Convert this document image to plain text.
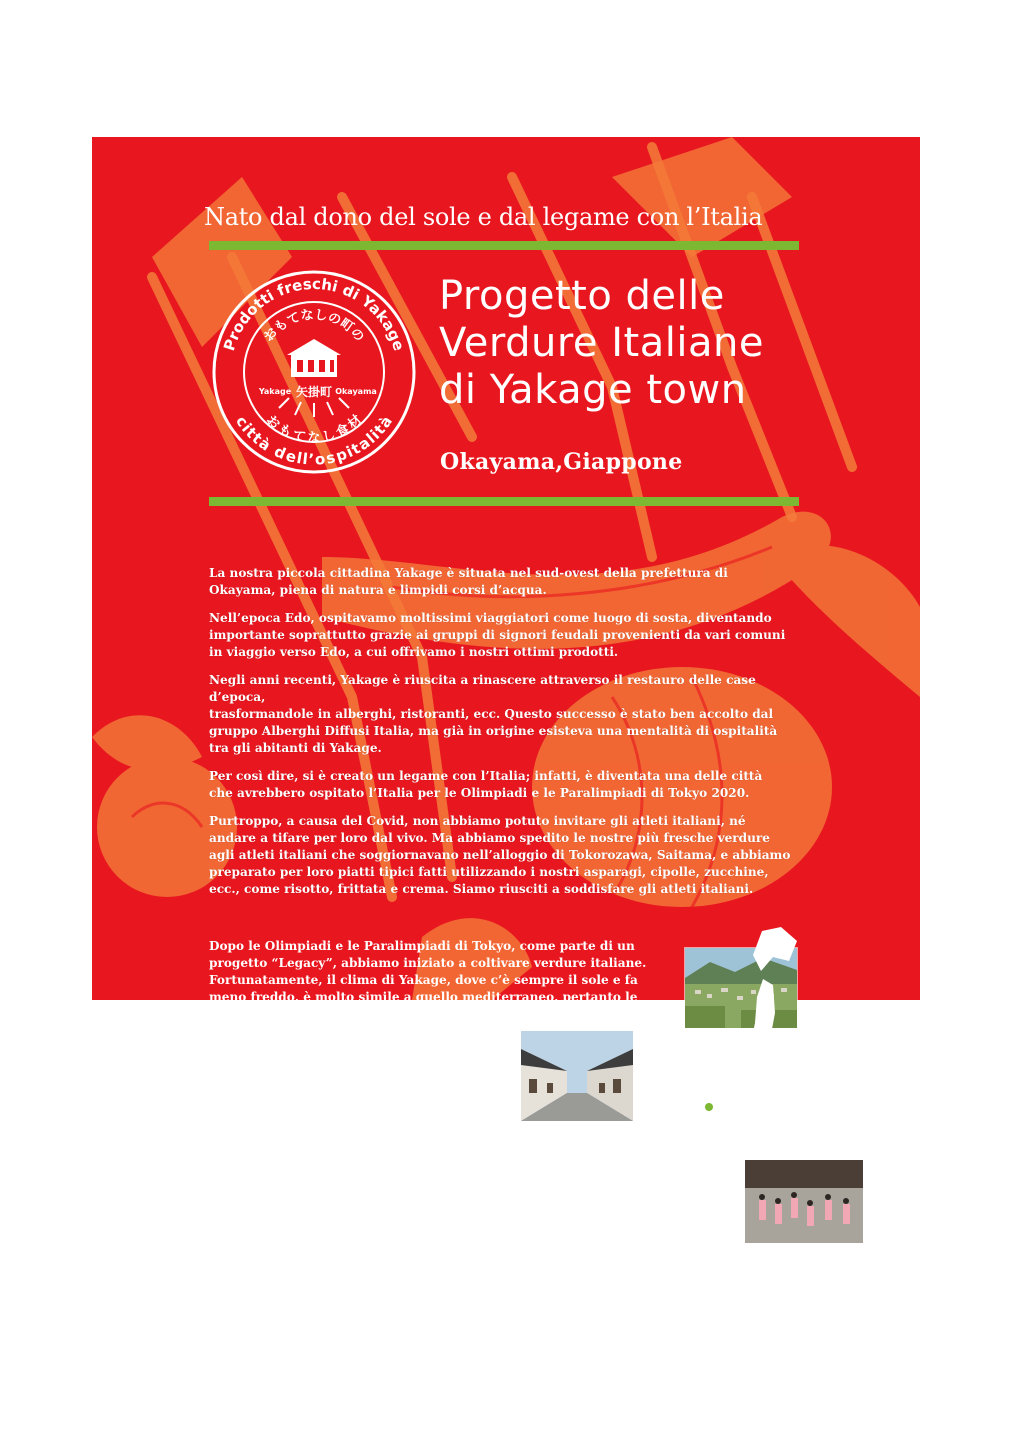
Nato dal dono del sole e dal legame con l’Italia
Prodotti freschi di Yakage
città dell’ospitalità
おもてなしの町の
おもてなし食材
Yakage	Okayama
矢掛町
Progetto delle
Verdure Italiane
di Yakage town
Okayama,Giappone

La nostra piccola cittadina Yakage è situata nel sud-ovest della prefettura di
Okayama, piena di natura e limpidi corsi d’acqua.

Nell’epoca Edo, ospitavamo moltissimi viaggiatori come luogo di sosta, diventando
importante soprattutto grazie ai gruppi di signori feudali provenienti da vari comuni
in viaggio verso Edo, a cui offrivamo i nostri ottimi prodotti.

Negli anni recenti, Yakage è riuscita a rinascere attraverso il restauro delle case d’epoca,
trasformandole in alberghi, ristoranti, ecc. Questo successo è stato ben accolto dal
gruppo Alberghi Diffusi Italia, ma già in origine esisteva una mentalità di ospitalità
tra gli abitanti di Yakage.

Per così dire, si è creato un legame con l’Italia; infatti, è diventata una delle città
che avrebbero ospitato l’Italia per le Olimpiadi e le Paralimpiadi di Tokyo 2020.

Purtroppo, a causa del Covid, non abbiamo potuto invitare gli atleti italiani, né
andare a tifare per loro dal vivo. Ma abbiamo spedito le nostre più fresche verdure
agli atleti italiani che soggiornavano nell’alloggio di Tokorozawa, Saitama, e abbiamo
preparato per loro piatti tipici fatti utilizzando i nostri asparagi, cipolle, zucchine,
ecc., come risotto, frittata e crema. Siamo riusciti a soddisfare gli atleti italiani.

Dopo le Olimpiadi e le Paralimpiadi di Tokyo, come parte di un
progetto “Legacy”, abbiamo iniziato a coltivare verdure italiane.
Fortunatamente, il clima di Yakage, dove c’è sempre il sole e fa
meno freddo, è molto simile a quello mediterraneo, pertanto le
verdure italiane crescono bene.
Speriamo che siano di vostro gradimento.
YAKAGE TOWN
Contatti	: JA Haranokuni Okayama,Yakage Agri-Center
Email	: e-yakage@yg.oy-ja.or.jp
Indirizzo	: 17-1 Obayashi, Yakagecho,Odagun,Okayama
